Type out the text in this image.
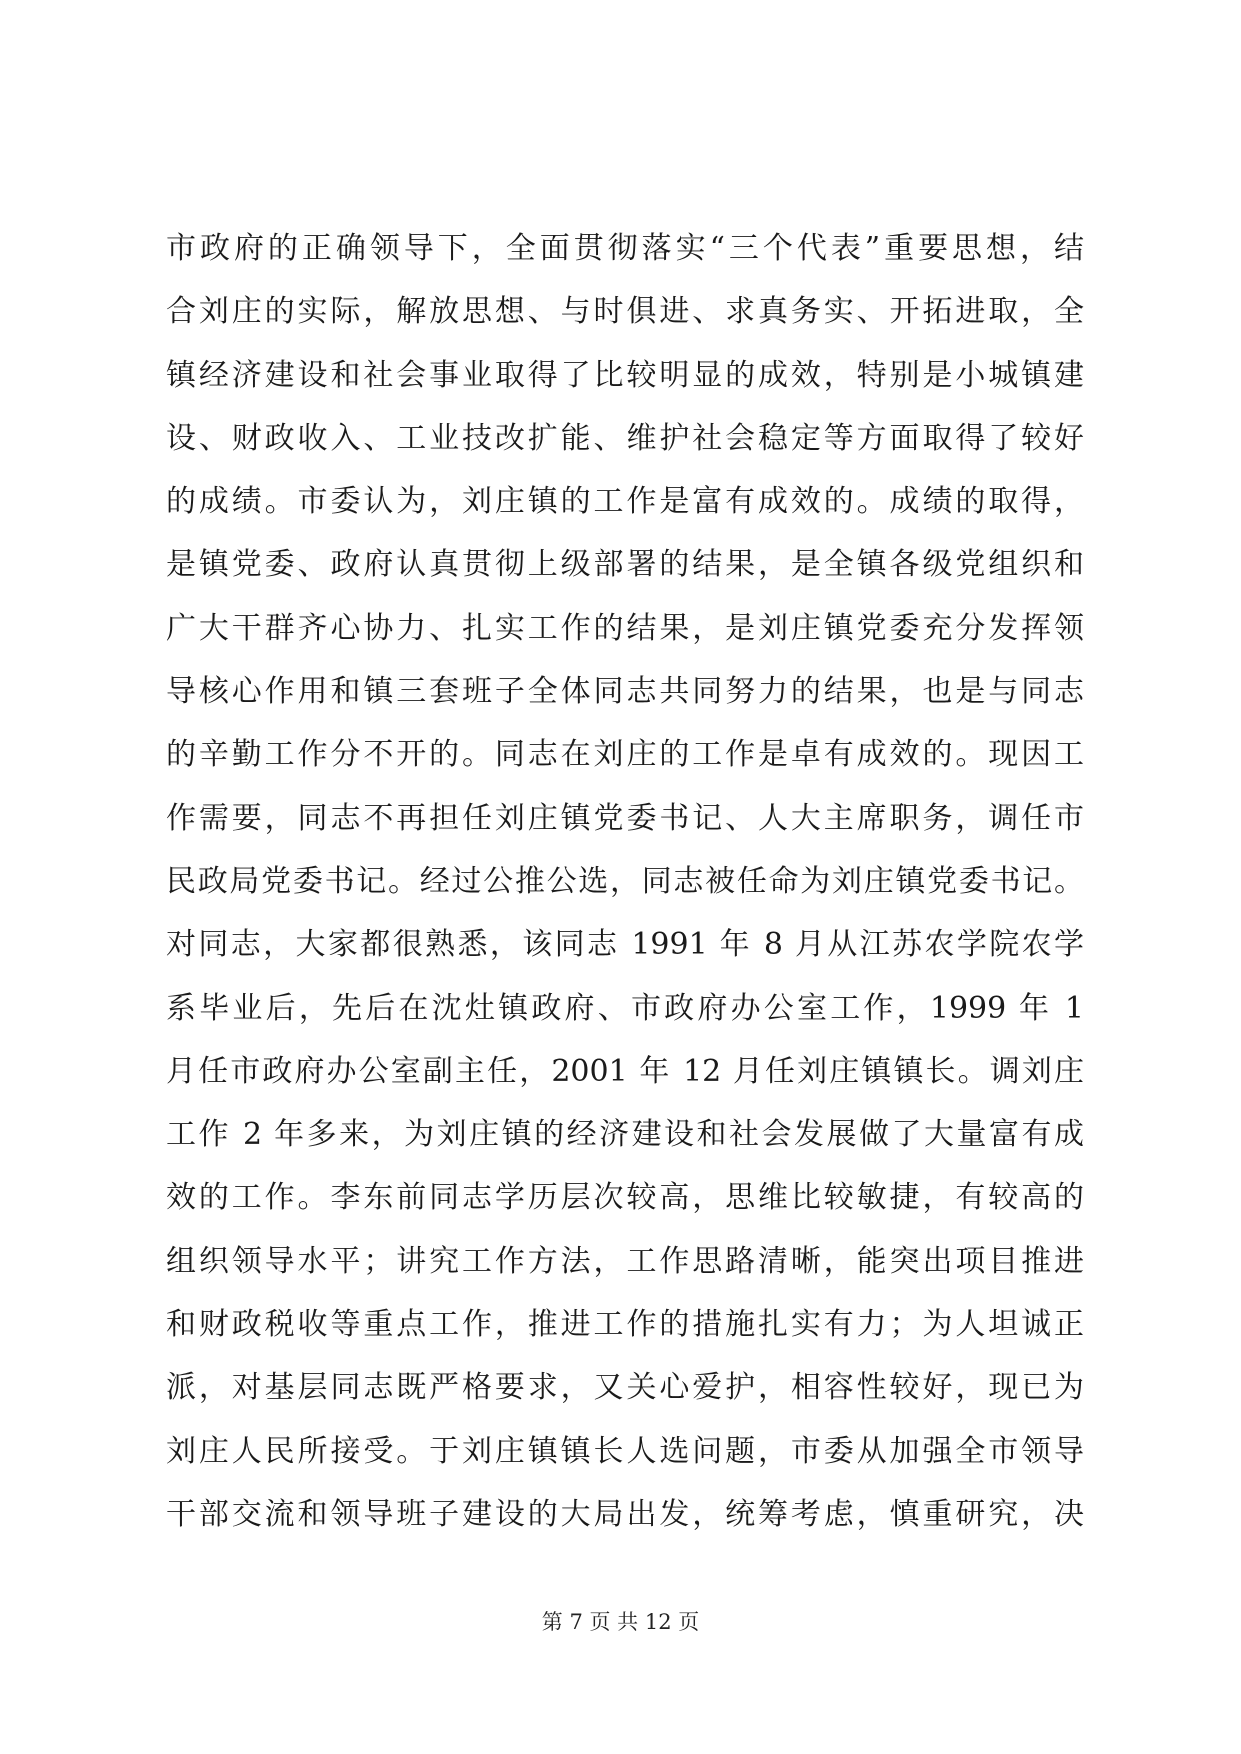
市政府的正确领导下，全面贯彻落实“三个代表”重要思想，结
合刘庄的实际，解放思想、与时俱进、求真务实、开拓进取，全
镇经济建设和社会事业取得了比较明显的成效，特别是小城镇建
设、财政收入、工业技改扩能、维护社会稳定等方面取得了较好
的成绩。市委认为，刘庄镇的工作是富有成效的。成绩的取得，
是镇党委、政府认真贯彻上级部署的结果，是全镇各级党组织和
广大干群齐心协力、扎实工作的结果，是刘庄镇党委充分发挥领
导核心作用和镇三套班子全体同志共同努力的结果，也是与同志
的辛勤工作分不开的。同志在刘庄的工作是卓有成效的。现因工
作需要，同志不再担任刘庄镇党委书记、人大主席职务，调任市
民政局党委书记。经过公推公选，同志被任命为刘庄镇党委书记。
对同志，大家都很熟悉，该同志 1991 年 8 月从江苏农学院农学
系毕业后，先后在沈灶镇政府、市政府办公室工作，1999 年 1
月任市政府办公室副主任，2001 年 12 月任刘庄镇镇长。调刘庄
工作 2 年多来，为刘庄镇的经济建设和社会发展做了大量富有成
效的工作。李东前同志学历层次较高，思维比较敏捷，有较高的
组织领导水平；讲究工作方法，工作思路清晰，能突出项目推进
和财政税收等重点工作，推进工作的措施扎实有力；为人坦诚正
派，对基层同志既严格要求，又关心爱护，相容性较好，现已为
刘庄人民所接受。于刘庄镇镇长人选问题，市委从加强全市领导
干部交流和领导班子建设的大局出发，统筹考虑，慎重研究，决
第 7 页 共 12 页
